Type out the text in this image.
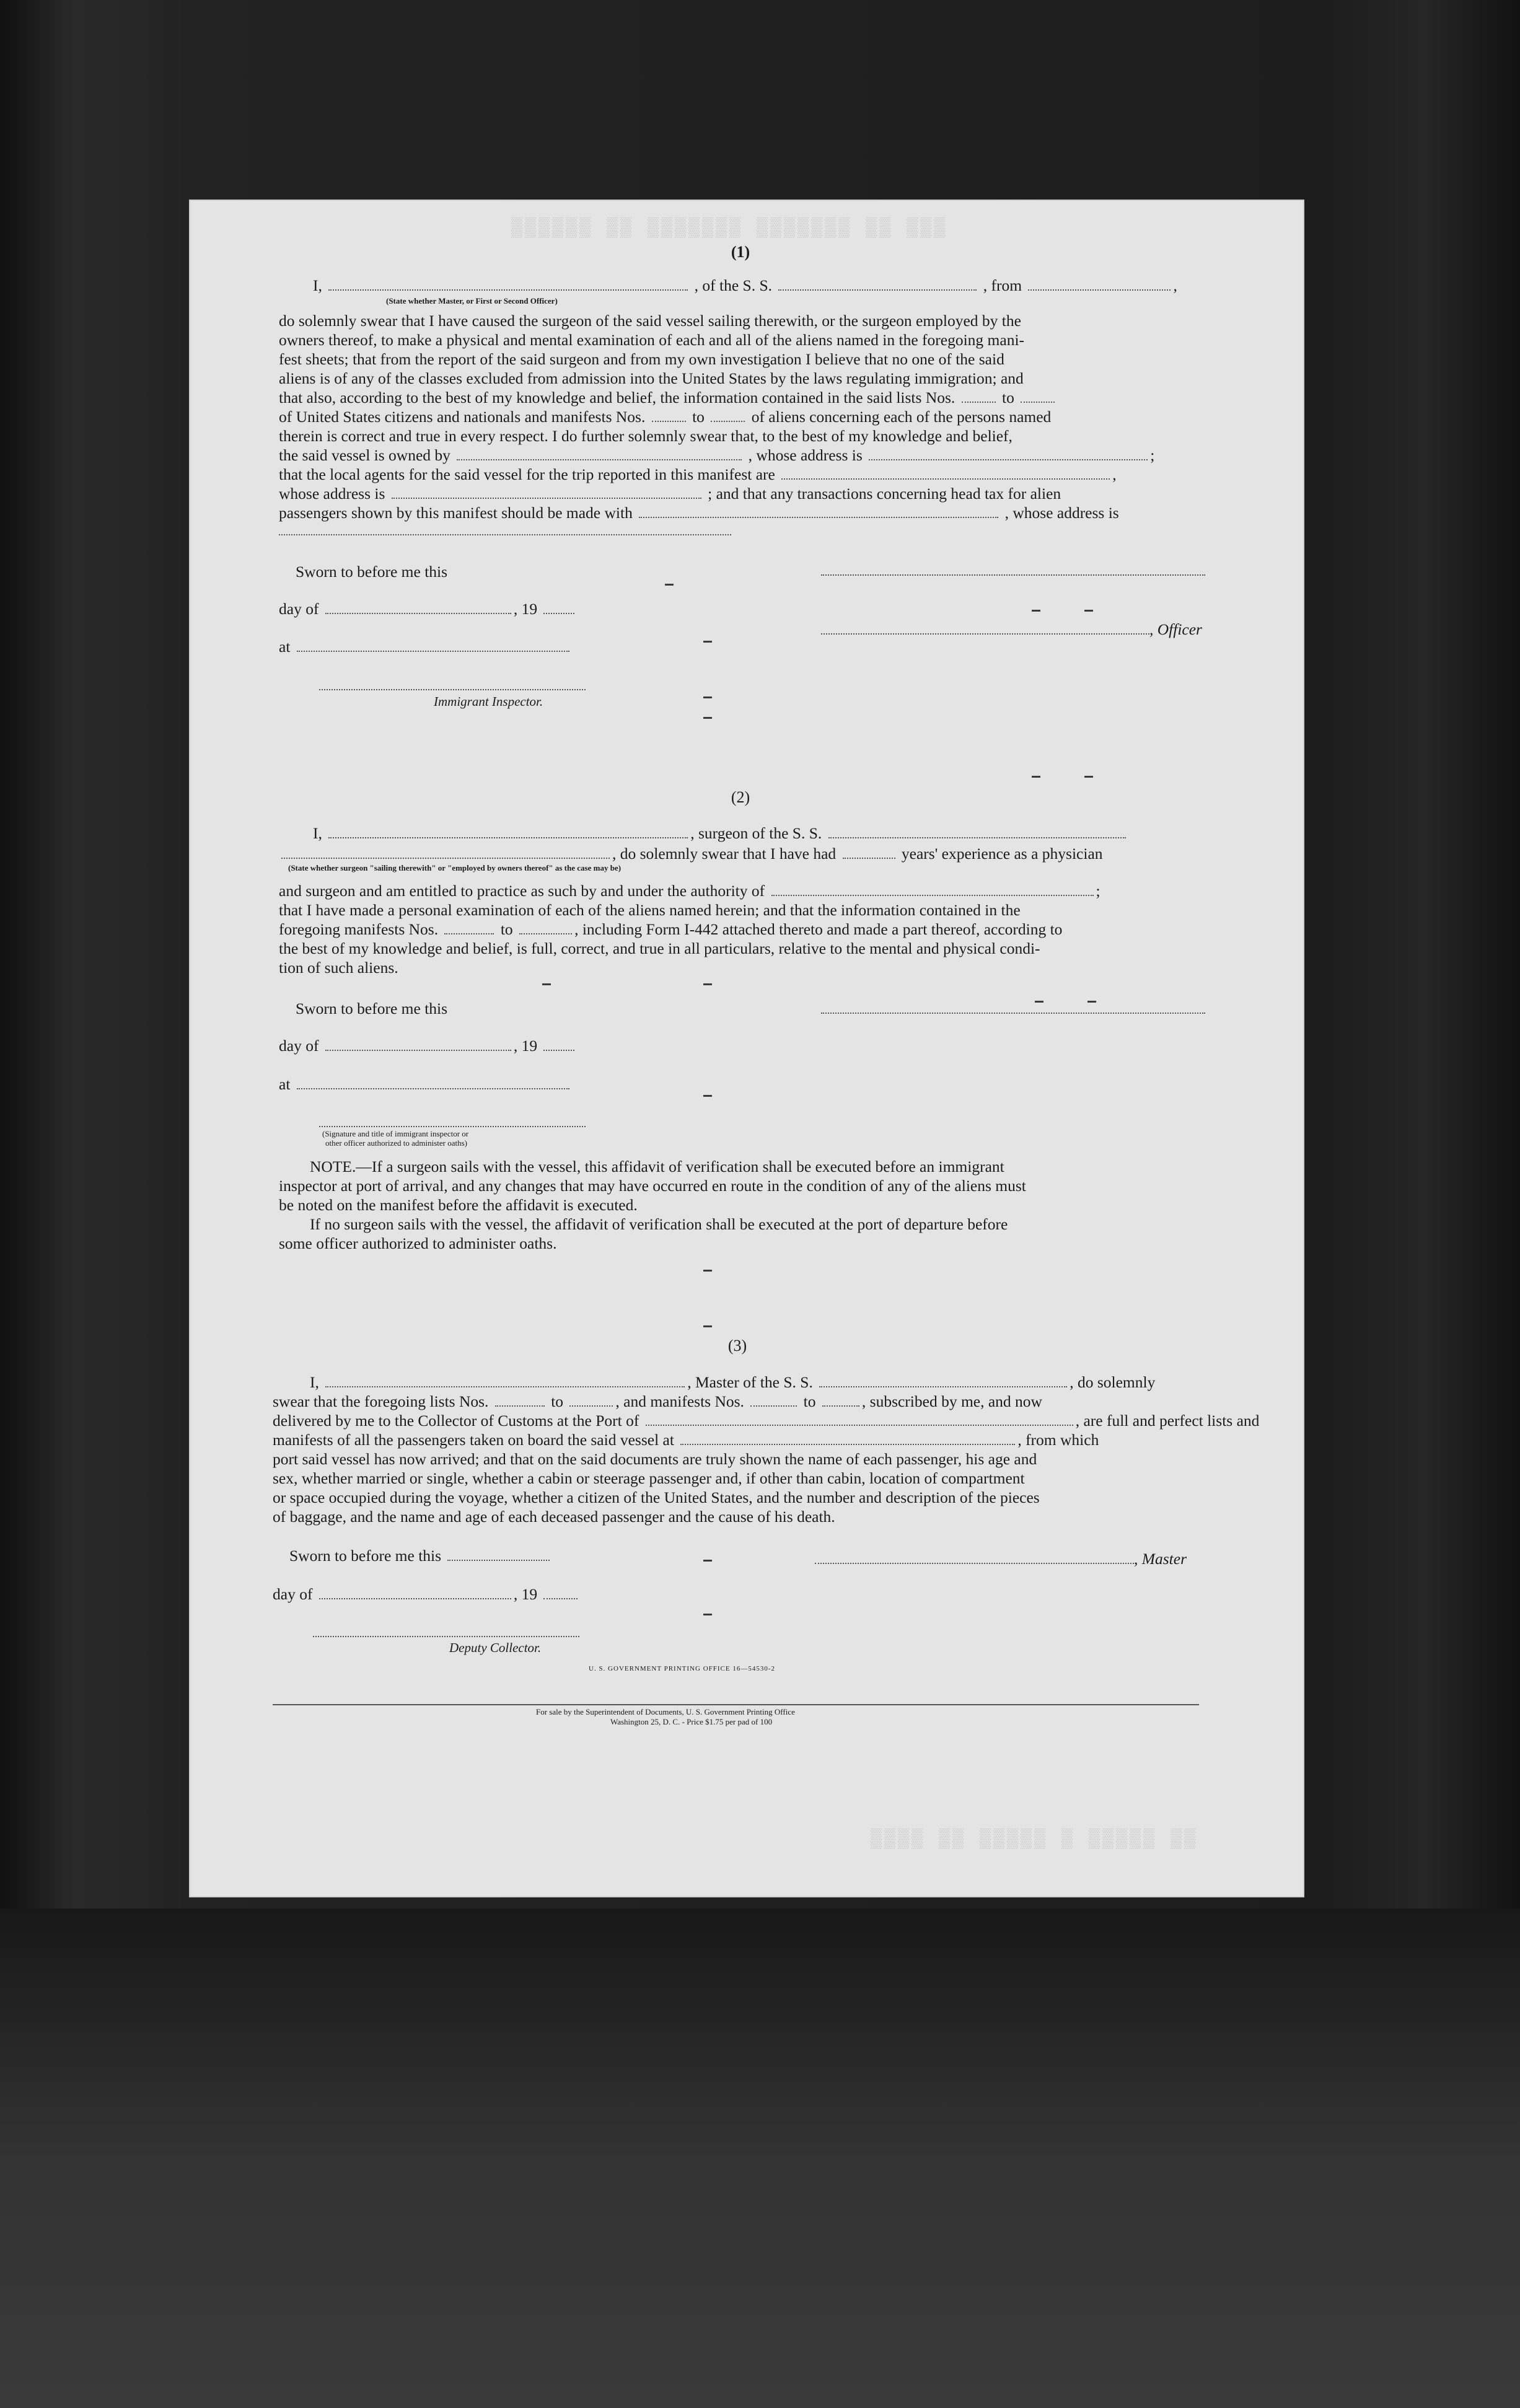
▒▒▒▒▒▒ ▒▒ ▒▒▒▒▒▒▒ ▒▒▒▒▒▒▒ ▒▒ ▒▒▒
▒▒▒▒ ▒▒ ▒▒▒▒▒ ▒ ▒▒▒▒▒ ▒▒
(1)
I,	, of the S. S.	, from	,
(State whether Master, or First or Second Officer)
do solemnly swear that I have caused the surgeon of the said vessel sailing therewith, or the surgeon employed by the
owners thereof, to make a physical and mental examination of each and all of the aliens named in the foregoing mani-
fest sheets; that from the report of the said surgeon and from my own investigation I believe that no one of the said
aliens is of any of the classes excluded from admission into the United States by the laws regulating immigration; and
that also, according to the best of my knowledge and belief, the information contained in the said lists Nos.	to
of United States citizens and nationals and manifests Nos.	to	of aliens concerning each of the persons named
therein is correct and true in every respect. I do further solemnly swear that, to the best of my knowledge and belief,
the said vessel is owned by	, whose address is	;
that the local agents for the said vessel for the trip reported in this manifest are	,
whose address is	; and that any transactions concerning head tax for alien
passengers shown by this manifest should be made with	, whose address is
Sworn to before me this
day of	, 19
, Officer
at
Immigrant Inspector.
(2)
I,	, surgeon of the S. S.
, do solemnly swear that I have had	years' experience as a physician
(State whether surgeon "sailing therewith" or "employed by owners thereof" as the case may be)
and surgeon and am entitled to practice as such by and under the authority of	;
that I have made a personal examination of each of the aliens named herein; and that the information contained in the
foregoing manifests Nos.	to	, including Form I-442 attached thereto and made a part thereof, according to
the best of my knowledge and belief, is full, correct, and true in all particulars, relative to the mental and physical condi-
tion of such aliens.
Sworn to before me this
day of	, 19
at
(Signature and title of immigrant inspector or
other officer authorized to administer oaths)
NOTE.—If a surgeon sails with the vessel, this affidavit of verification shall be executed before an immigrant
inspector at port of arrival, and any changes that may have occurred en route in the condition of any of the aliens must
be noted on the manifest before the affidavit is executed.
If no surgeon sails with the vessel, the affidavit of verification shall be executed at the port of departure before
some officer authorized to administer oaths.
(3)
I,	, Master of the S. S.	, do solemnly
swear that the foregoing lists Nos.	to	, and manifests Nos.	to	, subscribed by me, and now
delivered by me to the Collector of Customs at the Port of	, are full and perfect lists and
manifests of all the passengers taken on board the said vessel at	, from which
port said vessel has now arrived; and that on the said documents are truly shown the name of each passenger, his age and
sex, whether married or single, whether a cabin or steerage passenger and, if other than cabin, location of compartment
or space occupied during the voyage, whether a citizen of the United States, and the number and description of the pieces
of baggage, and the name and age of each deceased passenger and the cause of his death.
Sworn to before me this	, Master
day of	, 19
Deputy Collector.
U. S. GOVERNMENT PRINTING OFFICE 16—54530-2
For sale by the Superintendent of Documents, U. S. Government Printing Office
Washington 25, D. C. - Price $1.75 per pad of 100
